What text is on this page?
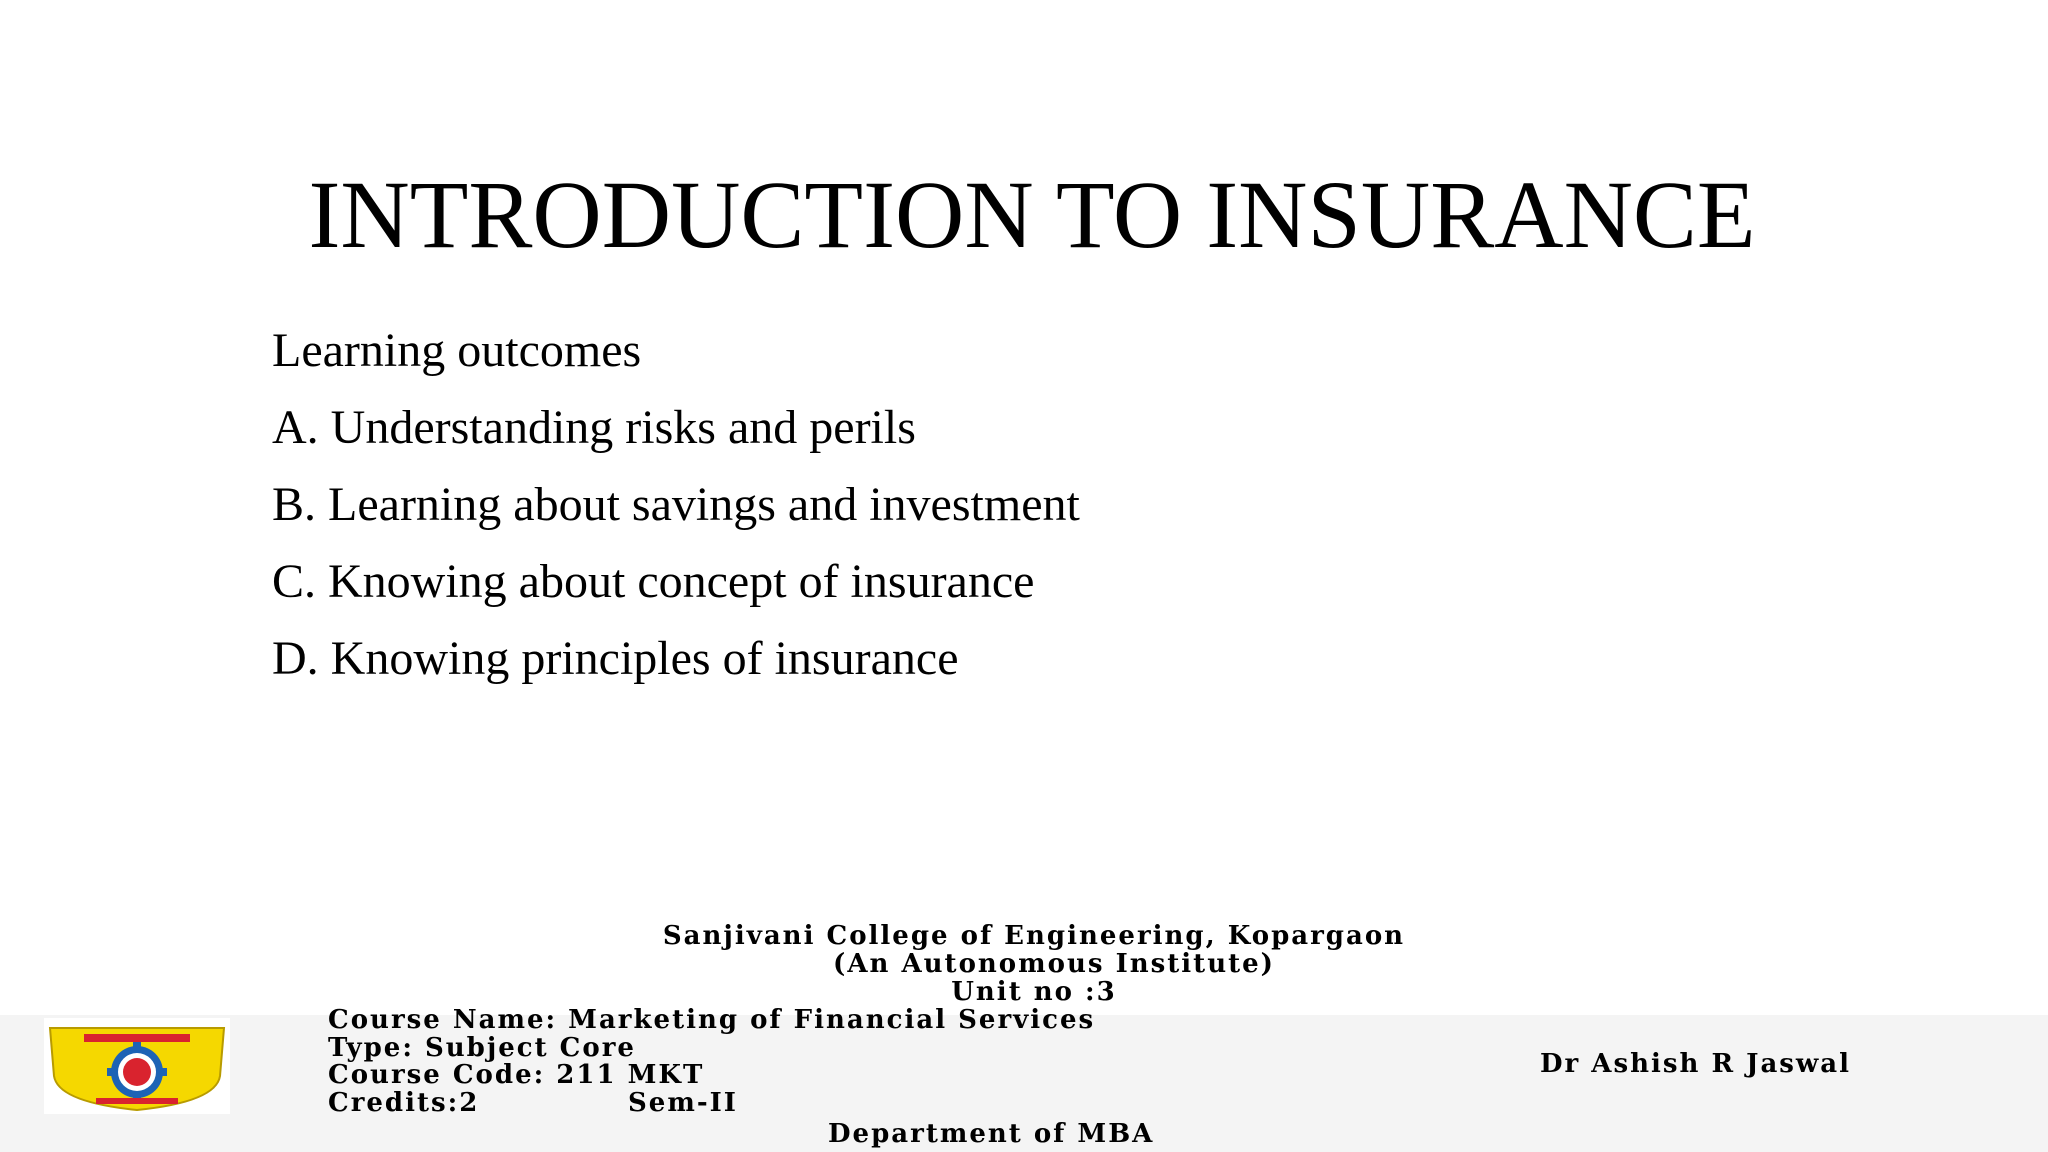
INTRODUCTION TO INSURANCE
Learning outcomes
A. Understanding risks and perils
B. Learning about savings and investment
C. Knowing about concept of insurance
D. Knowing principles of insurance
Sanjivani College of Engineering, Kopargaon
(An Autonomous Institute)
Unit no :3
Course Name: Marketing of Financial Services
Type: Subject Core
Course Code: 211 MKT
Credits:2	Sem-II
Department of MBA
Dr Ashish R Jaswal
